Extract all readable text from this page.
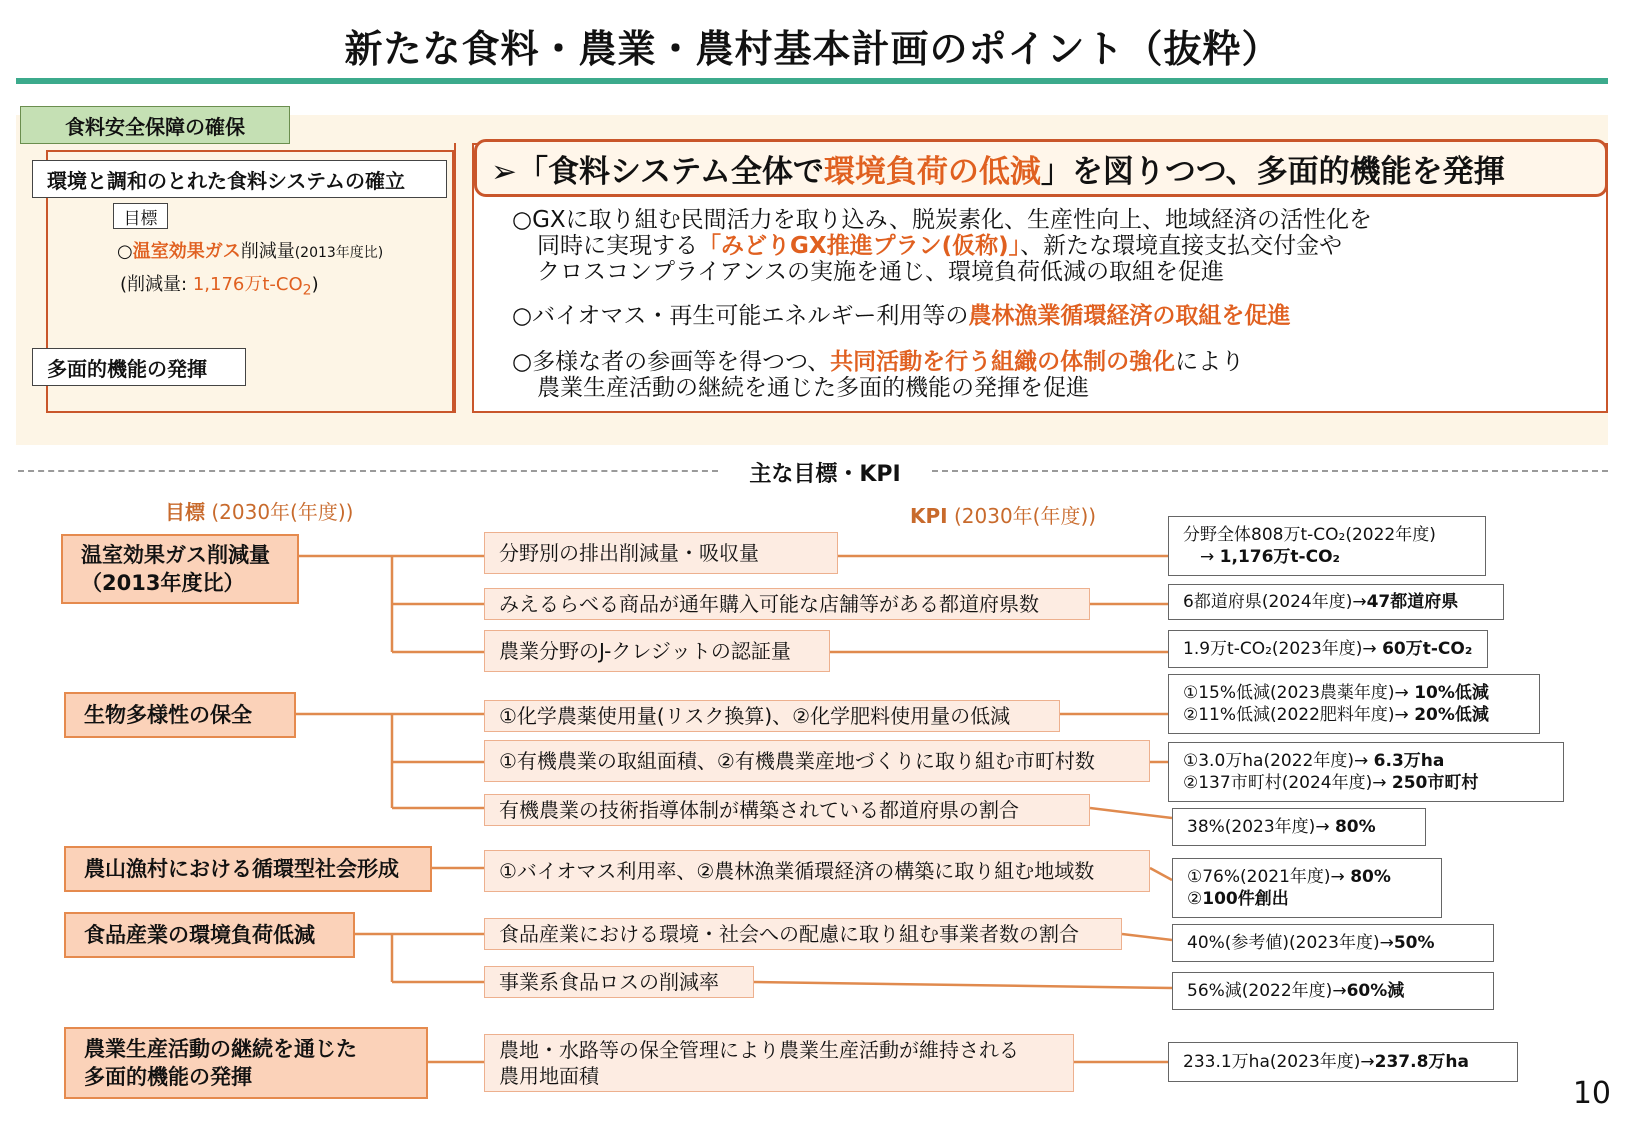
新たな食料・農業・農村基本計画のポイント（抜粋）
食料安全保障の確保
環境と調和のとれた食料システムの確立
目標
○温室効果ガス削減量(2013年度比)
(削減量: 1,176万$t-CO_2$)
多面的機能の発揮
➢「食料システム全体で 環境負荷の低減 」を図りつつ、多面的機能を発揮
○GXに取り組む民間活力を取り込み、脱炭素化、生産性向上、地域経済の活性化を
同時に実現する「みどりGX推進プラン(仮称)」、新たな環境直接支払交付金や
クロスコンプライアンスの実施を通じ、環境負荷低減の取組を促進
○バイオマス・再生可能エネルギー利用等の農林漁業循環経済の取組を促進
○多様な者の参画等を得つつ、共同活動を行う組織の体制の強化により
農業生産活動の継続を通じた多面的機能の発揮を促進
主な目標・KPI
目標 (2030年(年度))	KPI (2030年(年度))
温室効果ガス削減量
（2013年度比）
生物多様性の保全
農山漁村における循環型社会形成
食品産業の環境負荷低減
農業生産活動の継続を通じた
多面的機能の発揮
分野別の排出削減量・吸収量
みえるらべる商品が通年購入可能な店舗等がある都道府県数
農業分野のJ-クレジットの認証量
①化学農薬使用量(リスク換算)、②化学肥料使用量の低減
①有機農業の取組面積、②有機農業産地づくりに取り組む市町村数
有機農業の技術指導体制が構築されている都道府県の割合
①バイオマス利用率、②農林漁業循環経済の構築に取り組む地域数
食品産業における環境・社会への配慮に取り組む事業者数の割合
事業系食品ロスの削減率
農地・水路等の保全管理により農業生産活動が維持される
農用地面積
分野全体808万t-CO₂(2022年度)
　→ 1,176万t-CO₂
6都道府県(2024年度)→47都道府県
1.9万t-CO₂(2023年度)→ 60万t-CO₂
①15%低減(2023農薬年度)→ 10%低減
②11%低減(2022肥料年度)→ 20%低減
①3.0万ha(2022年度)→ 6.3万ha
②137市町村(2024年度)→ 250市町村
38%(2023年度)→ 80%
①76%(2021年度)→ 80%
②100件創出
40%(参考値)(2023年度)→50%
56%減(2022年度)→60%減
233.1万ha(2023年度)→237.8万ha
10
